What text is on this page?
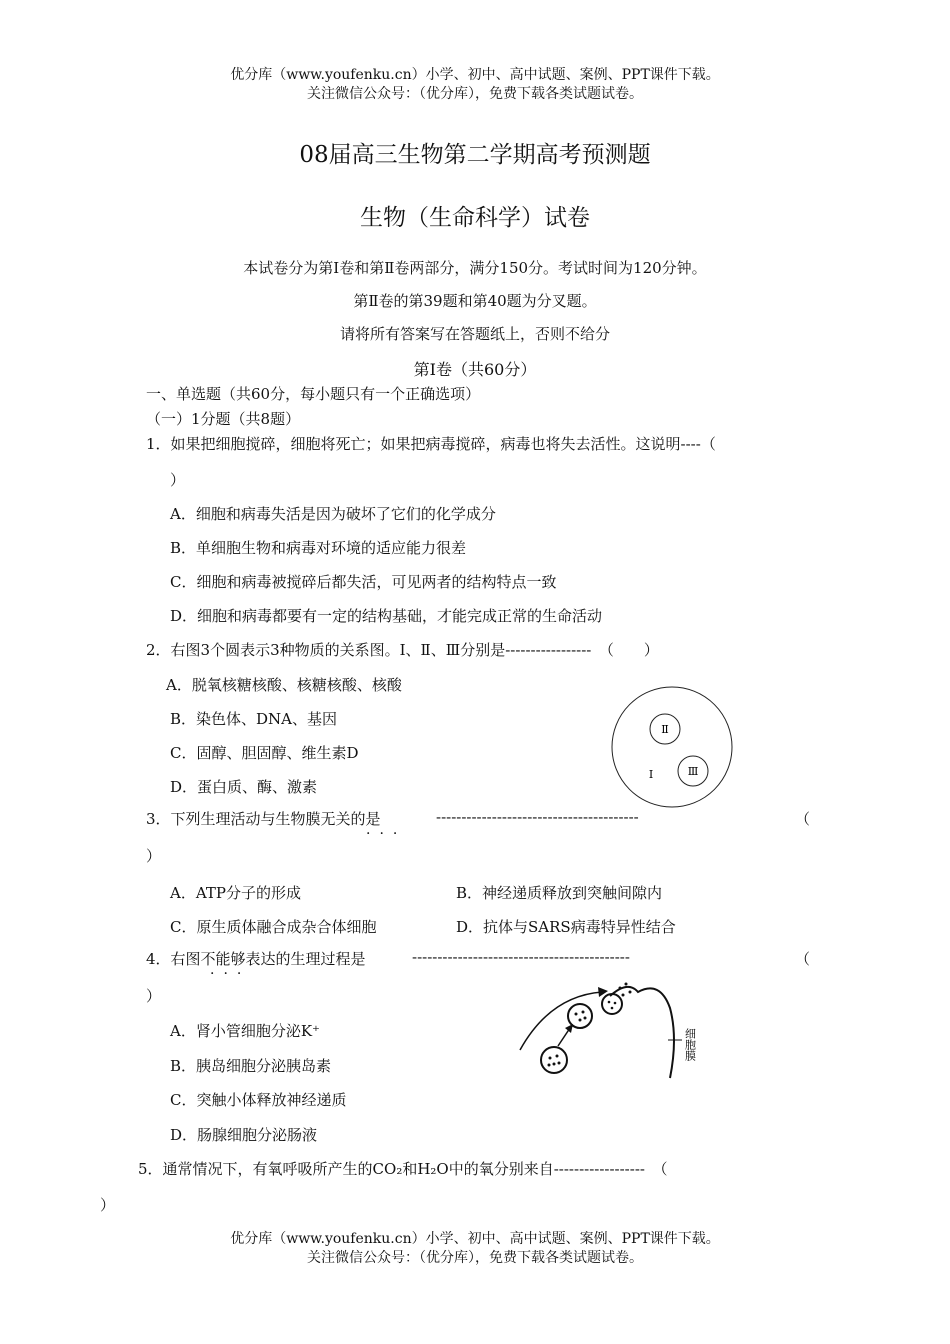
优分库（www.youfenku.cn）小学、初中、高中试题、案例、PPT课件下载。
关注微信公众号：（优分库），免费下载各类试题试卷。
08届高三生物第二学期高考预测题
生物（生命科学）试卷
本试卷分为第Ⅰ卷和第Ⅱ卷两部分，满分150分。考试时间为120分钟。
第Ⅱ卷的第39题和第40题为分叉题。
请将所有答案写在答题纸上，否则不给分
第Ⅰ卷（共60分）
一、单选题（共60分，每小题只有一个正确选项）
（一）1分题（共8题）
1．如果把细胞搅碎，细胞将死亡；如果把病毒搅碎，病毒也将失去活性。这说明----（
）
A．细胞和病毒失活是因为破坏了它们的化学成分
B．单细胞生物和病毒对环境的适应能力很差
C．细胞和病毒被搅碎后都失活，可见两者的结构特点一致
D．细胞和病毒都要有一定的结构基础，才能完成正常的生命活动
2．右图3个圆表示3种物质的关系图。Ⅰ、Ⅱ、Ⅲ分别是-----------------　（　　）
A．脱氧核糖核酸、核糖核酸、核酸
B．染色体、DNA、基因
C．固醇、胆固醇、维生素D
D．蛋白质、酶、激素
Ⅱ
Ⅲ
Ⅰ
3．下列生理活动与生物膜无关的是
···
----------------------------------------	（
）
A．ATP分子的形成	B．神经递质释放到突触间隙内
C．原生质体融合成杂合体细胞	D．抗体与SARS病毒特异性结合
4．右图不能够表达的生理过程是
···
-------------------------------------------	（
）
A．肾小管细胞分泌K⁺
B．胰岛细胞分泌胰岛素
C．突触小体释放神经递质
D．肠腺细胞分泌肠液
细胞膜
5．通常情况下，有氧呼吸所产生的CO₂和H₂O中的氧分别来自------------------　（
）
优分库（www.youfenku.cn）小学、初中、高中试题、案例、PPT课件下载。
关注微信公众号：（优分库），免费下载各类试题试卷。
